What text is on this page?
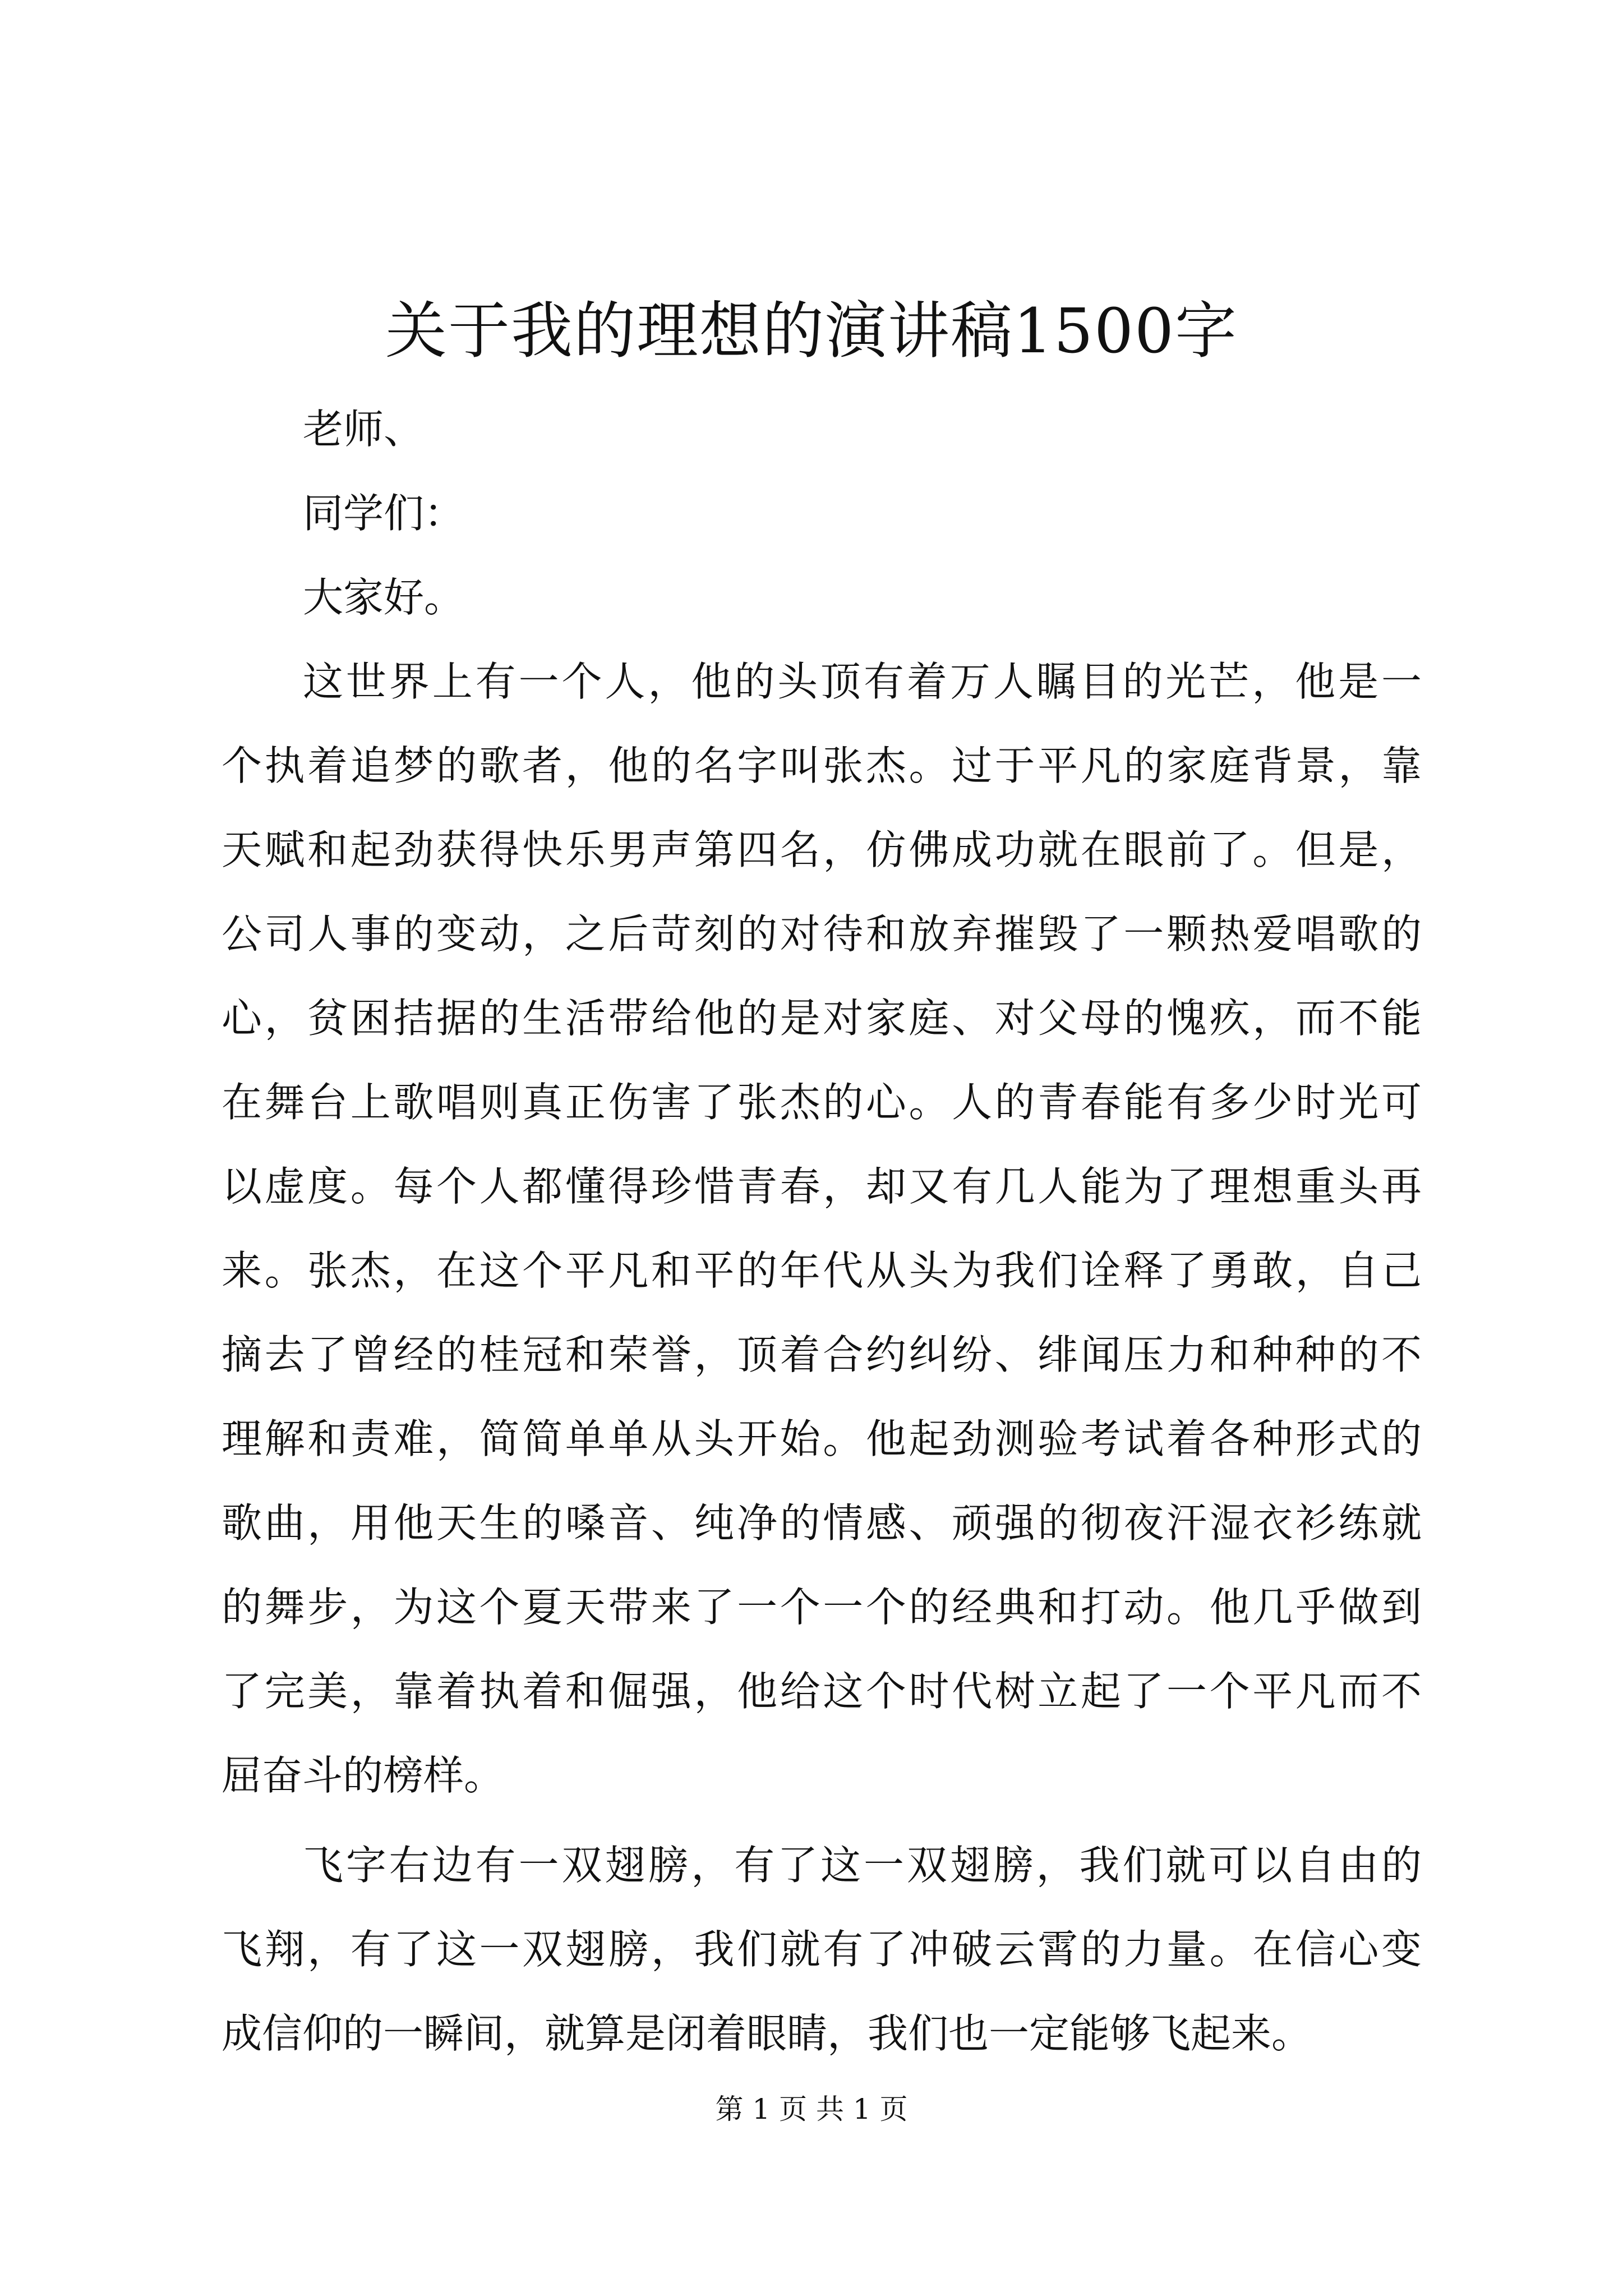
关于我的理想的演讲稿1500字
老师、
同学们：
大家好。
这世界上有一个人，他的头顶有着万人瞩目的光芒，他是一
个执着追梦的歌者，他的名字叫张杰。过于平凡的家庭背景，靠
天赋和起劲获得快乐男声第四名，仿佛成功就在眼前了。但是，
公司人事的变动，之后苛刻的对待和放弃摧毁了一颗热爱唱歌的
心，贫困拮据的生活带给他的是对家庭、对父母的愧疚，而不能
在舞台上歌唱则真正伤害了张杰的心。人的青春能有多少时光可
以虚度。每个人都懂得珍惜青春，却又有几人能为了理想重头再
来。张杰，在这个平凡和平的年代从头为我们诠释了勇敢，自己
摘去了曾经的桂冠和荣誉，顶着合约纠纷、绯闻压力和种种的不
理解和责难，简简单单从头开始。他起劲测验考试着各种形式的
歌曲，用他天生的嗓音、纯净的情感、顽强的彻夜汗湿衣衫练就
的舞步，为这个夏天带来了一个一个的经典和打动。他几乎做到
了完美，靠着执着和倔强，他给这个时代树立起了一个平凡而不
屈奋斗的榜样。
飞字右边有一双翅膀，有了这一双翅膀，我们就可以自由的
飞翔，有了这一双翅膀，我们就有了冲破云霄的力量。在信心变
成信仰的一瞬间，就算是闭着眼睛，我们也一定能够飞起来。
第 1 页 共 1 页
